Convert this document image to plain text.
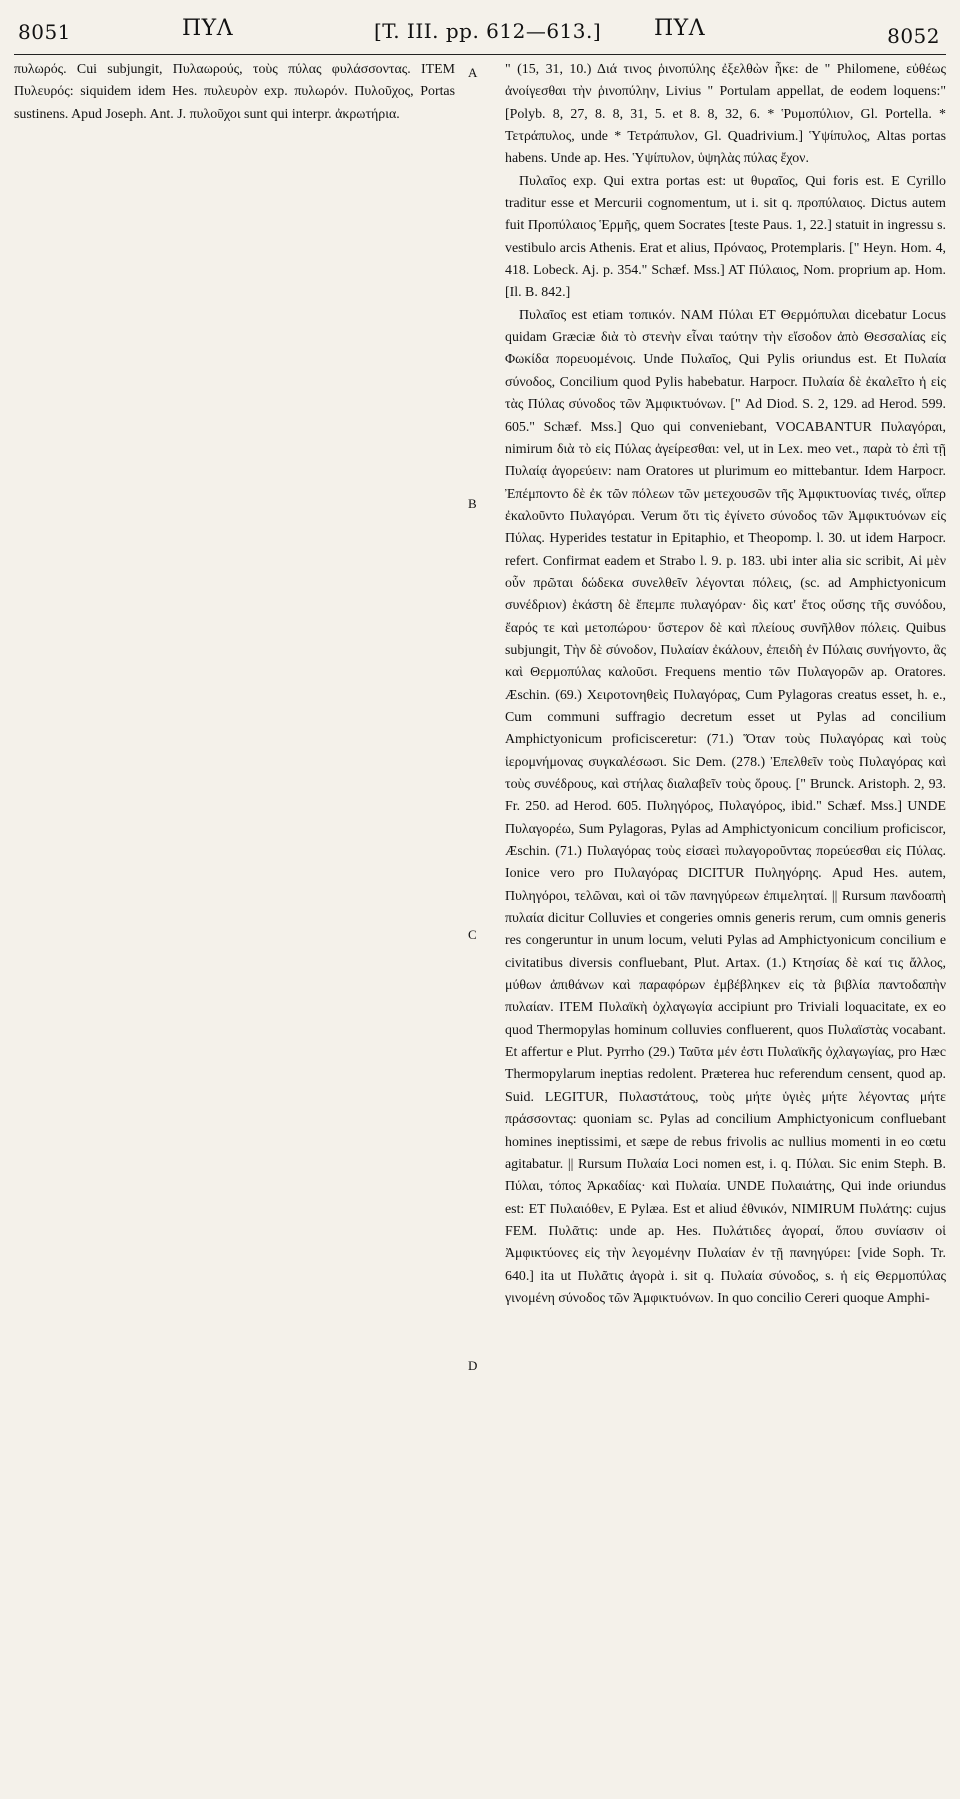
8051	ΠΥΛ	[T. III. pp. 612—613.] ΠΥΛ	8052

πυλωρός. Cui subjungit, Πυλαωρούς, τοὺς πύλας φυλάσσοντας. ITEM Πυλευρός: siquidem idem Hes. πυλευρὸν exp. πυλωρόν. Πυλοῦχος, Portas sustinens. Apud Joseph. Ant. J. πυλοῦχοι sunt qui interpr. ἀκρωτήρια.

A
B
C
D

" (15, 31, 10.) Διά τινος ῥινοπύλης ἐξελθὼν ἧκε: de " Philomene, εὐθέως ἀνοίγεσθαι τὴν ῥινοπύλην, Livius " Portulam appellat, de eodem loquens:" [Polyb. 8, 27, 8. 8, 31, 5. et 8. 8, 32, 6. * Ῥυμοπύλιον, Gl. Portella. * Τετράπυλος, unde * Τετράπυλον, Gl. Quadrivium.] Ὑψίπυλος, Altas portas habens. Unde ap. Hes. Ὑψίπυλον, ὑψηλὰς πύλας ἔχον.

Πυλαῖος exp. Qui extra portas est: ut θυραῖος, Qui foris est. E Cyrillo traditur esse et Mercurii cognomentum, ut i. sit q. προπύλαιος. Dictus autem fuit Προπύλαιος Ἑρμῆς, quem Socrates [teste Paus. 1, 22.] statuit in ingressu s. vestibulo arcis Athenis. Erat et alius, Πρόναος, Protemplaris. [" Heyn. Hom. 4, 418. Lobeck. Aj. p. 354." Schæf. Mss.] AT Πύλαιος, Nom. proprium ap. Hom. [Il. B. 842.]

Πυλαῖος est etiam τοπικόν. NAM Πύλαι ET Θερμόπυλαι dicebatur Locus quidam Græciæ διὰ τὸ στενὴν εἶναι ταύτην τὴν εἴσοδον ἀπὸ Θεσσαλίας εἰς Φωκίδα πορευομένοις. Unde Πυλαῖος, Qui Pylis oriundus est. Et Πυλαία σύνοδος, Concilium quod Pylis habebatur. Harpocr. Πυλαία δὲ ἐκαλεῖτο ἡ εἰς τὰς Πύλας σύνοδος τῶν Ἀμφικτυόνων. [" Ad Diod. S. 2, 129. ad Herod. 599. 605." Schæf. Mss.] Quo qui conveniebant, VOCABANTUR Πυλαγόραι, nimirum διὰ τὸ εἰς Πύλας ἀγείρεσθαι: vel, ut in Lex. meo vet., παρὰ τὸ ἐπὶ τῇ Πυλαίᾳ ἀγορεύειν: nam Oratores ut plurimum eo mittebantur. Idem Harpocr. Ἐπέμποντο δὲ ἐκ τῶν πόλεων τῶν μετεχουσῶν τῆς Ἀμφικτυονίας τινές, οἵπερ ἐκαλοῦντο Πυλαγόραι. Verum ὅτι τὶς ἐγίνετο σύνοδος τῶν Ἀμφικτυόνων εἰς Πύλας. Hyperides testatur in Epitaphio, et Theopomp. l. 30. ut idem Harpocr. refert. Confirmat eadem et Strabo l. 9. p. 183. ubi inter alia sic scribit, Αἱ μὲν οὖν πρῶται δώδεκα συνελθεῖν λέγονται πόλεις, (sc. ad Amphictyonicum συνέδριον) ἑκάστη δὲ ἔπεμπε πυλαγόραν· δὶς κατ' ἔτος οὔσης τῆς συνόδου, ἔαρός τε καὶ μετοπώρου· ὕστερον δὲ καὶ πλείους συνῆλθον πόλεις. Quibus subjungit, Τὴν δὲ σύνοδον, Πυλαίαν ἐκάλουν, ἐπειδὴ ἐν Πύλαις συνήγοντο, ἃς καὶ Θερμοπύλας καλοῦσι. Frequens mentio τῶν Πυλαγορῶν ap. Oratores. Æschin. (69.) Χειροτονηθεὶς Πυλαγόρας, Cum Pylagoras creatus esset, h. e., Cum communi suffragio decretum esset ut Pylas ad concilium Amphictyonicum proficisceretur: (71.) Ὅταν τοὺς Πυλαγόρας καὶ τοὺς ἱερομνήμονας συγκαλέσωσι. Sic Dem. (278.) Ἐπελθεῖν τοὺς Πυλαγόρας καὶ τοὺς συνέδρους, καὶ στήλας διαλαβεῖν τοὺς ὅρους. [" Brunck. Aristoph. 2, 93. Fr. 250. ad Herod. 605. Πυληγόρος, Πυλαγόρος, ibid." Schæf. Mss.] UNDE Πυλαγορέω, Sum Pylagoras, Pylas ad Amphictyonicum concilium proficiscor, Æschin. (71.) Πυλαγόρας τοὺς εἰσαεὶ πυλαγοροῦντας πορεύεσθαι εἰς Πύλας. Ionice vero pro Πυλαγόρας DICITUR Πυληγόρης. Apud Hes. autem, Πυληγόροι, τελῶναι, καὶ οἱ τῶν πανηγύρεων ἐπιμεληταί. || Rursum πανδοαπὴ πυλαία dicitur Colluvies et congeries omnis generis rerum, cum omnis generis res congeruntur in unum locum, veluti Pylas ad Amphictyonicum concilium e civitatibus diversis confluebant, Plut. Artax. (1.) Κτησίας δὲ καί τις ἄλλος, μύθων ἀπιθάνων καὶ παραφόρων ἐμβέβληκεν εἰς τὰ βιβλία παντοδαπὴν πυλαίαν. ITEM Πυλαϊκὴ ὀχλαγωγία accipiunt pro Triviali loquacitate, ex eo quod Thermopylas hominum colluvies confluerent, quos Πυλαϊστὰς vocabant. Et affertur e Plut. Pyrrho (29.) Ταῦτα μέν ἐστι Πυλαϊκῆς ὀχλαγωγίας, pro Hæc Thermopylarum ineptias redolent. Præterea huc referendum censent, quod ap. Suid. LEGITUR, Πυλαστάτους, τοὺς μήτε ὑγιὲς μήτε λέγοντας μήτε πράσσοντας: quoniam sc. Pylas ad concilium Amphictyonicum confluebant homines ineptissimi, et sæpe de rebus frivolis ac nullius momenti in eo cœtu agitabatur. || Rursum Πυλαία Loci nomen est, i. q. Πύλαι. Sic enim Steph. B. Πύλαι, τόπος Ἀρκαδίας· καὶ Πυλαία. UNDE Πυλαιάτης, Qui inde oriundus est: ET Πυλαιόθεν, E Pylæa. Est et aliud ἐθνικόν, NIMIRUM Πυλάτης: cujus FEM. Πυλᾶτις: unde ap. Hes. Πυλάτιδες ἀγοραί, ὅπου συνίασιν οἱ Ἀμφικτύονες εἰς τὴν λεγομένην Πυλαίαν ἐν τῇ πανηγύρει: [vide Soph. Tr. 640.] ita ut Πυλᾶτις ἀγορὰ i. sit q. Πυλαία σύνοδος, s. ἡ εἰς Θερμοπύλας γινομένη σύνοδος τῶν Ἀμφικτυόνων. In quo concilio Cereri quoque Amphi-
